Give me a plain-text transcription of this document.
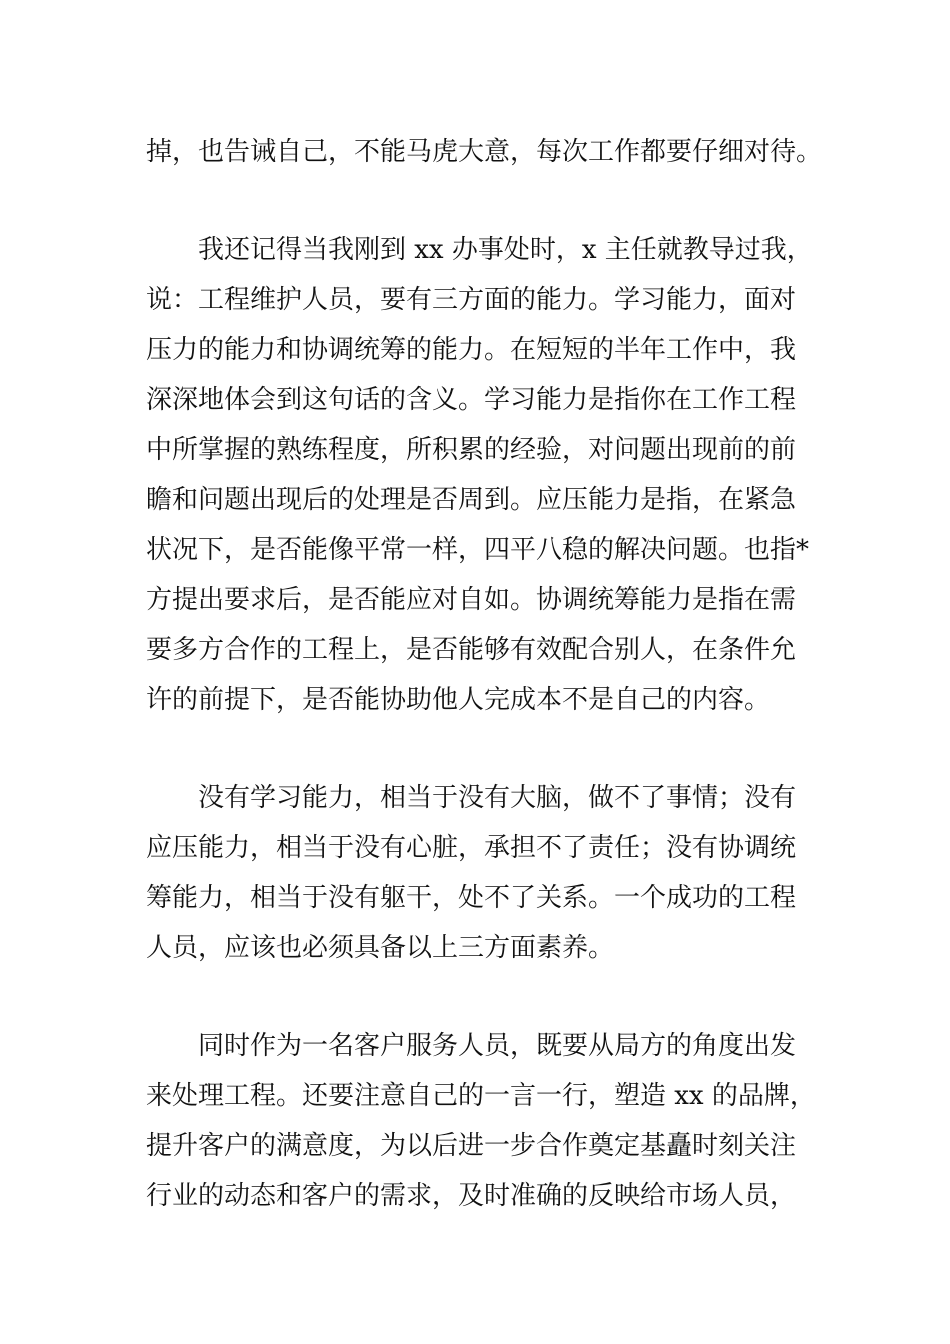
掉，也告诫自己，不能马虎大意，每次工作都要仔细对待。
我还记得当我刚到 xx 办事处时，x 主任就教导过我，
说：工程维护人员，要有三方面的能力。学习能力，面对
压力的能力和协调统筹的能力。在短短的半年工作中，我
深深地体会到这句话的含义。学习能力是指你在工作工程
中所掌握的熟练程度，所积累的经验，对问题出现前的前
瞻和问题出现后的处理是否周到。应压能力是指，在紧急
状况下，是否能像平常一样，四平八稳的解决问题。也指*
方提出要求后，是否能应对自如。协调统筹能力是指在需
要多方合作的工程上，是否能够有效配合别人，在条件允
许的前提下，是否能协助他人完成本不是自己的内容。
没有学习能力，相当于没有大脑，做不了事情；没有
应压能力，相当于没有心脏，承担不了责任；没有协调统
筹能力，相当于没有躯干，处不了关系。一个成功的工程
人员，应该也必须具备以上三方面素养。
同时作为一名客户服务人员，既要从局方的角度出发
来处理工程。还要注意自己的一言一行，塑造 xx 的品牌，
提升客户的满意度，为以后进一步合作奠定基矗时刻关注
行业的动态和客户的需求，及时准确的反映给市场人员，
